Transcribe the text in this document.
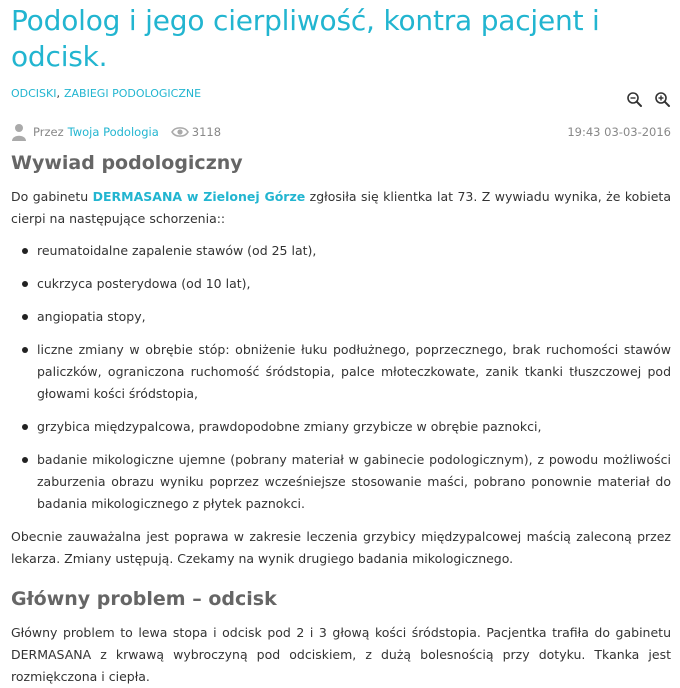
Podolog i jego cierpliwość, kontra pacjent i odcisk.
ODCISKI, ZABIEGI PODOLOGICZNE
Przez Twoja Podologia	3118	19:43 03-03-2016
Wywiad podologiczny

Do gabinetu DERMASANA w Zielonej Górze zgłosiła się klientka lat 73. Z wywiadu wynika, że kobieta cierpi na następujące schorzenia::

reumatoidalne zapalenie stawów (od 25 lat),
cukrzyca posterydowa (od 10 lat),
angiopatia stopy,
liczne zmiany w obrębie stóp: obniżenie łuku podłużnego, poprzecznego, brak ruchomości stawów paliczków, ograniczona ruchomość śródstopia, palce młoteczkowate, zanik tkanki tłuszczowej pod głowami kości śródstopia,
grzybica międzypalcowa, prawdopodobne zmiany grzybicze w obrębie paznokci,
badanie mikologiczne ujemne (pobrany materiał w gabinecie podologicznym), z powodu możliwości zaburzenia obrazu wyniku poprzez wcześniejsze stosowanie maści, pobrano ponownie materiał do badania mikologicznego z płytek paznokci.

Obecnie zauważalna jest poprawa w zakresie leczenia grzybicy międzypalcowej maścią zaleconą przez lekarza. Zmiany ustępują. Czekamy na wynik drugiego badania mikologicznego.

Główny problem – odcisk

Główny problem to lewa stopa i odcisk pod 2 i 3 głową kości śródstopia. Pacjentka trafiła do gabinetu DERMASANA z krwawą wybroczyną pod odciskiem, z dużą bolesnością przy dotyku. Tkanka jest rozmiękczona i ciepła.
